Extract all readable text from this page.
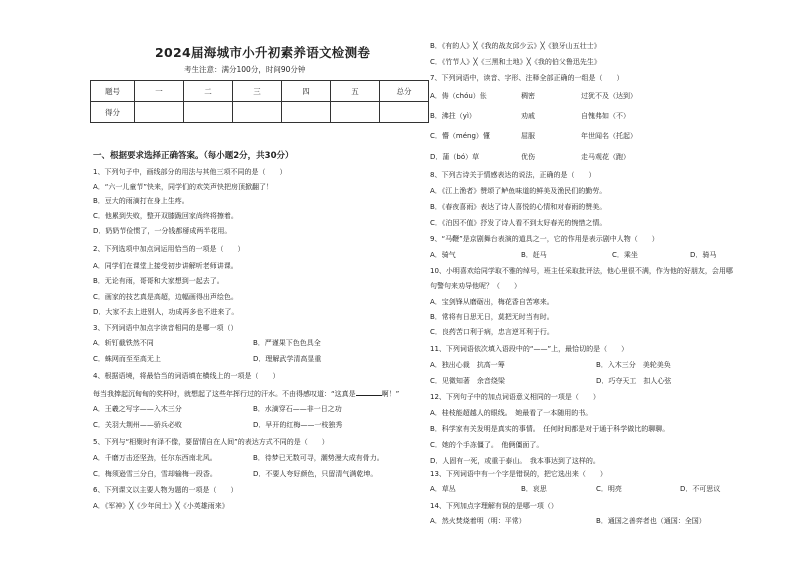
2024届海城市小升初素养语文检测卷
考生注意：满分100分，时间90分钟
题号	一	二	三	四	五	总分
得分						
一、根据要求选择正确答案。（每小题2分，共30分）
1、下列句子中，画线部分的用法与其他三项不同的是（　　）
A．“六一儿童节”快来，同学们的欢笑声快把房顶掀翻了！
B．豆大的雨滴打在身上生疼。
C．他累到失败，整开双膝跪回家尚终将擦着。
D．奶奶节俭惯了，一分钱都掰成两半花用。
2、下列选项中加点词运用恰当的一项是（　　）
A．同学们在课堂上接受初步讲解听老师讲课。
B．无论有雨，哥哥和大家想到一起去了。
C．画家的技艺真是高超，边幅画得出声绘色。
D．大家不去上进别人，功成再多也不进来了。
3、下列词语中加点字读音相同的是哪一项（）
A．斩钉截铁然不同	B．严谨果下色色具全
C．蛛网而至至高无上	D．理解武学清高显重
4、根据语境，将最恰当的词语填在横线上的一项是（　　）
每当我捧起沉甸甸的奖杯时，就想起了这些年挥行过的汗水。不由得感叹道：“这真是	啊！”
A．王羲之写字——入木三分	B．水滴穿石——非一日之功
C．关羽大荆州——骄兵必败	D．早开的红梅——一枝独秀
5、下列与“相聚时有泽不像，要留情自在人间”的表达方式不同的是（　　）
A．千磨万击还坚劲，任尔东西南北风。	B．待梦已无数可寻，潮势漫大成有骨力。
C．梅须逊雪三分白，雪却输梅一段香。	D．不要人夸好颜色，只留清气满乾坤。
6、下列课文以主要人物为题的一项是（　　）
A．《军神》╳《少年闰土》╳《小英雄雨来》
B．《有的人》╳《我的战友邱少云》╳《狼牙山五壮士》
C．《竹节人》╳《三黑和土地》╳《我的伯父鲁迅先生》
7、下列词语中，读音、字形、注释全部正确的一组是（　　）
A．俦（chóu）伥	稠密	过犹不及（达到）
B．沸拄（yì）	劝戚	自愧弗如（不）
C．懵（méng）懂	屈服	年世闻名（托起）
D．蒲（bó）草	优伤	走马观花（跑）
8、下列古诗关于情感表达的说法，正确的是（　　）
A．《江上渔者》赞颂了鲈鱼味道的鲜美及渔民们的勤劳。
B．《春夜喜雨》表达了诗人喜悦的心情和对春雨的赞美。
C．《泊因不值》抒发了诗人看不到太好春光的惋惜之情。
9、“马鞭”是京剧舞台表演的道具之一，它的作用是表示剧中人物（　　）
A．骑气	B．赶马	C．乘坐	D．骑马
10、小明喜欢给同学取不雅的绰号，班主任采取批评法，他心里很不满，作为他的好朋友，会用哪
句警句来劝导他呢？（　　）
A．宝剑锋从磨砺出，梅花香自苦寒来。
B．常将有日思无日，莫把无时当有时。
C．良药苦口利于病，忠言逆耳利于行。
11、下列词语依次填入语段中的“——”上，最恰切的是（　　）
A．独出心裁　抗高一筹	B．入木三分　美轮美奂
C．见微知著　余音绕梁	D．巧夺天工　扣人心弦
12、下列句子中的加点词语意义相同的一项是（　　）
A．桂枝能超越人的眼线。　她最看了一本随用的书。
B．科学家有关发明是真实的事情。　任何时间都是对于通于科学做比的聊聊。
C．她的个手冻僵了。　他俩僵面了。
D．人固有一死，或重于泰山。　我本事达到了这样的。
13、下列词语中有一个字是错误的，把它选出来（　　）
A．草丛	B．哀思	C．明亮	D．不可思议
14、下列加点字理解有误的是哪一项（）
A．然火焚烧着明（明：平常）	B．通国之善弈者也（通国：全国）
